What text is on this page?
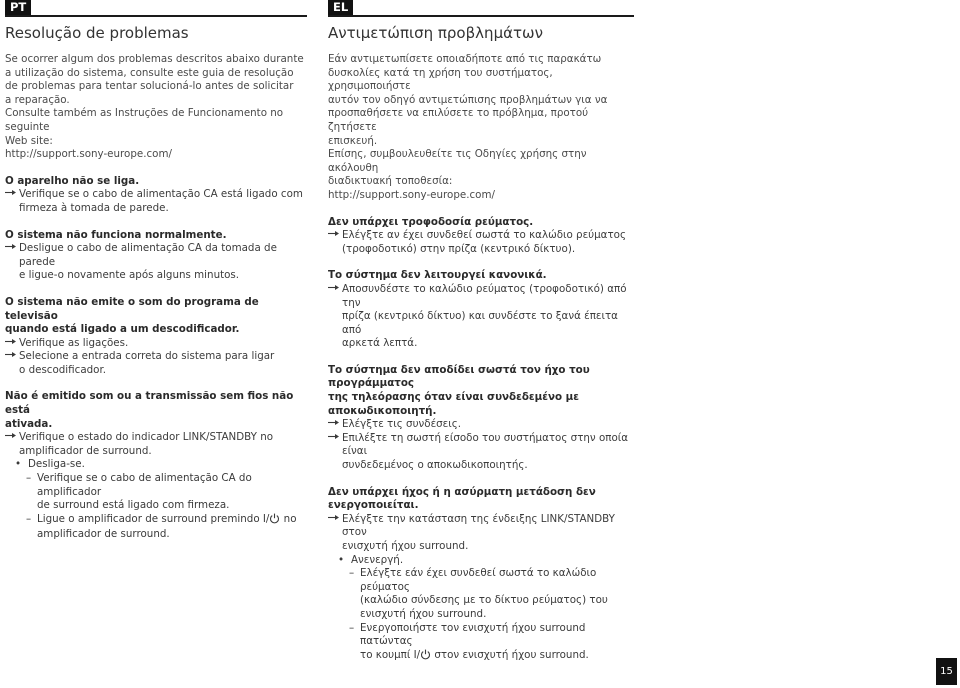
PT
Resolução de problemas

Se ocorrer algum dos problemas descritos abaixo durante

a utilização do sistema, consulte este guia de resolução

de problemas para tentar solucioná-lo antes de solicitar

a reparação.

Consulte também as Instruções de Funcionamento no seguinte

Web site:

http://support.sony-europe.com/

O aparelho não se liga.

Verifique se o cabo de alimentação CA está ligado com
firmeza à tomada de parede.

O sistema não funciona normalmente.

Desligue o cabo de alimentação CA da tomada de parede
e ligue-o novamente após alguns minutos.

O sistema não emite o som do programa de televisão
quando está ligado a um descodificador.

Verifique as ligações.
Selecione a entrada correta do sistema para ligar
o descodificador.

Não é emitido som ou a transmissão sem fios não está
ativada.

Verifique o estado do indicador LINK/STANDBY no
amplificador de surround.
• Desliga-se.
– Verifique se o cabo de alimentação CA do amplificador
de surround está ligado com firmeza.
– Ligue o amplificador de surround premindo I/ no
amplificador de surround.
EL
Αντιμετώπιση προβλημάτων

Εάν αντιμετωπίσετε οποιαδήποτε από τις παρακάτω

δυσκολίες κατά τη χρήση του συστήματος, χρησιμοποιήστε

αυτόν τον οδηγό αντιμετώπισης προβλημάτων για να

προσπαθήσετε να επιλύσετε το πρόβλημα, προτού ζητήσετε

επισκευή.

Επίσης, συμβουλευθείτε τις Οδηγίες χρήσης στην ακόλουθη

διαδικτυακή τοποθεσία:

http://support.sony-europe.com/

Δεν υπάρχει τροφοδοσία ρεύματος.

Ελέγξτε αν έχει συνδεθεί σωστά το καλώδιο ρεύματος
(τροφοδοτικό) στην πρίζα (κεντρικό δίκτυο).

Το σύστημα δεν λειτουργεί κανονικά.

Αποσυνδέστε το καλώδιο ρεύματος (τροφοδοτικό) από την
πρίζα (κεντρικό δίκτυο) και συνδέστε το ξανά έπειτα από
αρκετά λεπτά.

Το σύστημα δεν αποδίδει σωστά τον ήχο του προγράμματος
της τηλεόρασης όταν είναι συνδεδεμένο με
αποκωδικοποιητή.

Ελέγξτε τις συνδέσεις.
Επιλέξτε τη σωστή είσοδο του συστήματος στην οποία είναι
συνδεδεμένος ο αποκωδικοποιητής.

Δεν υπάρχει ήχος ή η ασύρματη μετάδοση δεν
ενεργοποιείται.

Ελέγξτε την κατάσταση της ένδειξης LINK/STANDBY στον
ενισχυτή ήχου surround.
• Ανενεργή.
– Ελέγξτε εάν έχει συνδεθεί σωστά το καλώδιο ρεύματος
(καλώδιο σύνδεσης με το δίκτυο ρεύματος) του
ενισχυτή ήχου surround.
– Ενεργοποιήστε τον ενισχυτή ήχου surround πατώντας
το κουμπί I/ στον ενισχυτή ήχου surround.
15
